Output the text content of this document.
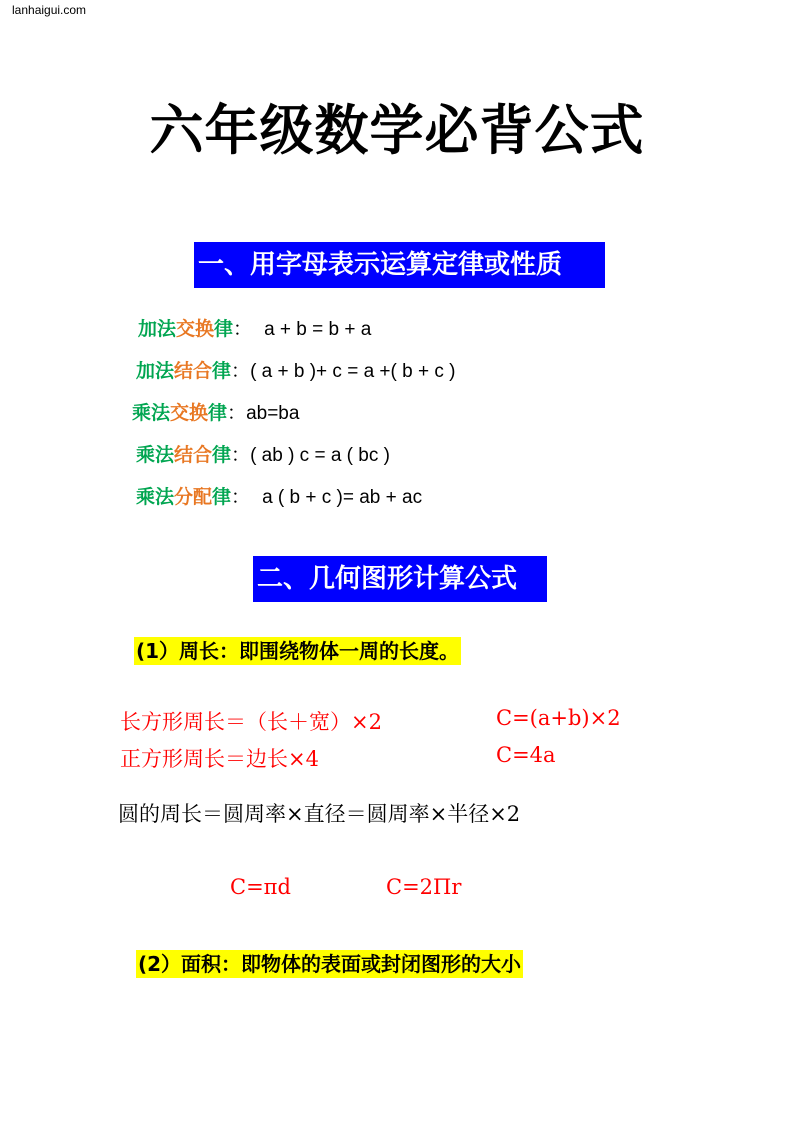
lanhaigui.com
六年级数学必背公式
一、用字母表示运算定律或性质
加法交换律： a + b = b + a
加法结合律：( a + b )+ c = a +( b + c )
乘法交换律：ab=ba
乘法结合律：( ab ) c = a ( bc )
乘法分配律： a ( b + c )= ab + ac
二、几何图形计算公式
(1）周长：即围绕物体一周的长度。
长方形周长＝（长＋宽）×2	C=(a+b)×2
正方形周长＝边长×4	C=4a
圆的周长＝圆周率×直径＝圆周率×半径×2
C=πd	C=2Πr
(2）面积：即物体的表面或封闭图形的大小
